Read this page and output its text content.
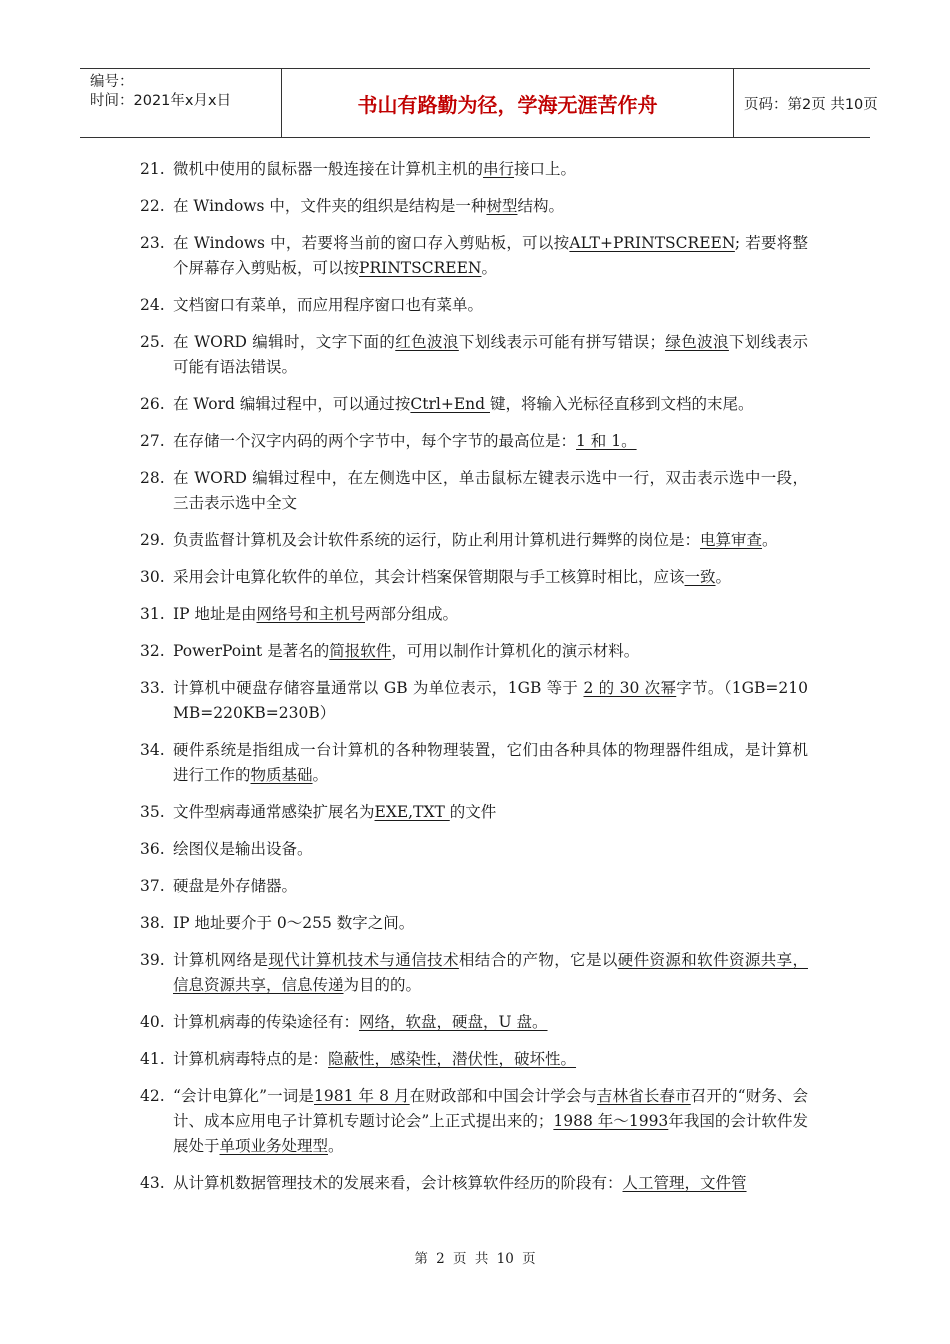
编号：
时间：2021年x月x日	书山有路勤为径，学海无涯苦作舟	页码：第2页 共10页
21. 微机中使用的鼠标器一般连接在计算机主机的串行接口上。
22. 在 Windows 中，文件夹的组织是结构是一种树型结构。
23. 在 Windows 中，若要将当前的窗口存入剪贴板，可以按ALT+PRINTSCREEN; 若要将整个屏幕存入剪贴板，可以按PRINTSCREEN。
24. 文档窗口有菜单，而应用程序窗口也有菜单。
25. 在 WORD 编辑时，文字下面的红色波浪下划线表示可能有拼写错误；绿色波浪下划线表示可能有语法错误。
26. 在 Word 编辑过程中，可以通过按Ctrl+End 键，将输入光标径直移到文档的末尾。
27. 在存储一个汉字内码的两个字节中，每个字节的最高位是：1 和 1。
28. 在 WORD 编辑过程中，在左侧选中区，单击鼠标左键表示选中一行，双击表示选中一段，三击表示选中全文
29. 负责监督计算机及会计软件系统的运行，防止利用计算机进行舞弊的岗位是：电算审查。
30. 采用会计电算化软件的单位，其会计档案保管期限与手工核算时相比，应该一致。
31. IP 地址是由网络号和主机号两部分组成。
32. PowerPoint 是著名的简报软件，可用以制作计算机化的演示材料。
33. 计算机中硬盘存储容量通常以 GB 为单位表示，1GB 等于 2 的 30 次幂字节。（1GB=210MB=220KB=230B）
34. 硬件系统是指组成一台计算机的各种物理装置，它们由各种具体的物理器件组成，是计算机进行工作的物质基础。
35. 文件型病毒通常感染扩展名为EXE,TXT 的文件
36. 绘图仪是输出设备。
37. 硬盘是外存储器。
38. IP 地址要介于 0～255 数字之间。
39. 计算机网络是现代计算机技术与通信技术相结合的产物，它是以硬件资源和软件资源共享，信息资源共享，信息传递为目的的。
40. 计算机病毒的传染途径有：网络，软盘，硬盘，U 盘。
41. 计算机病毒特点的是：隐蔽性，感染性，潜伏性，破坏性。
42. “会计电算化”一词是1981 年 8 月在财政部和中国会计学会与吉林省长春市召开的“财务、会计、成本应用电子计算机专题讨论会”上正式提出来的；1988 年～1993年我国的会计软件发展处于单项业务处理型。
43. 从计算机数据管理技术的发展来看，会计核算软件经历的阶段有：人工管理，文件管
第 2 页 共 10 页
